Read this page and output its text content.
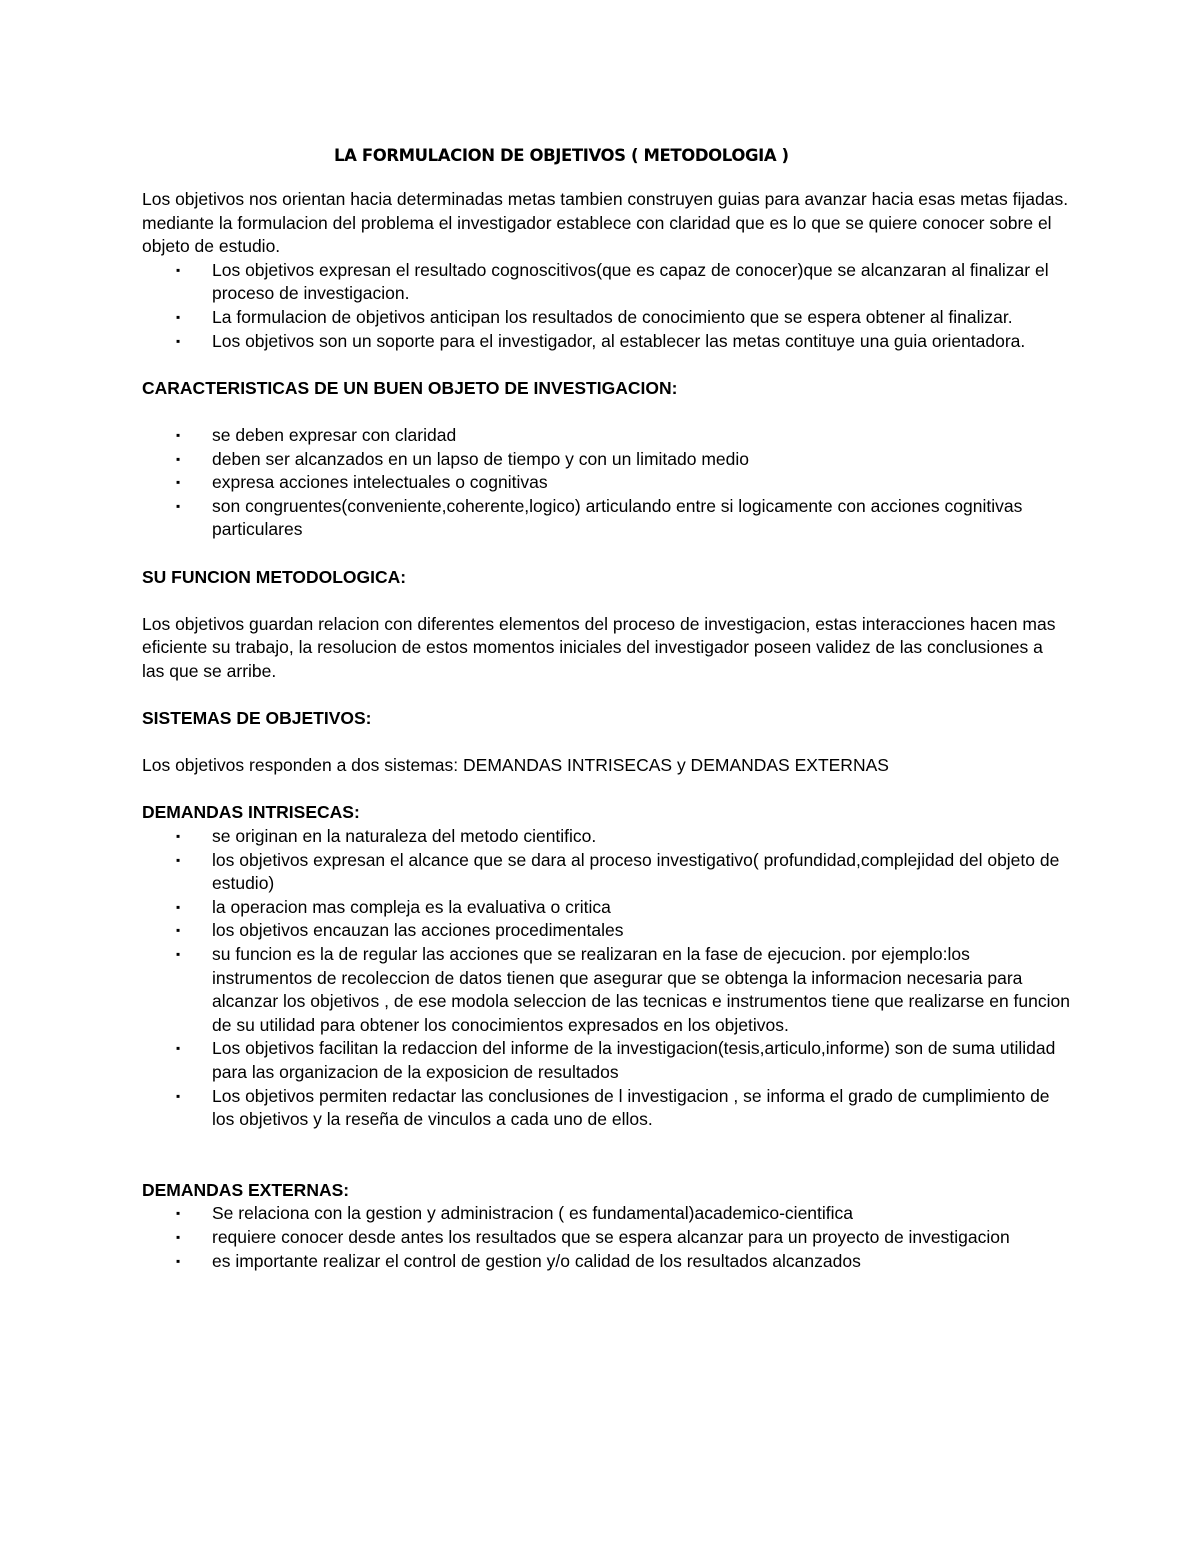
LA FORMULACION DE OBJETIVOS ( METODOLOGIA )

Los objetivos nos orientan hacia determinadas metas tambien construyen guias para avanzar hacia esas metas fijadas.

mediante la formulacion del problema el investigador establece con claridad que es lo que se quiere conocer sobre el objeto de estudio.

▪ Los objetivos expresan el resultado cognoscitivos(que es capaz de conocer)que se alcanzaran al finalizar el proceso de investigacion.
▪ La formulacion de objetivos anticipan los resultados de conocimiento que se espera obtener al finalizar.
▪ Los objetivos son un soporte para el investigador, al establecer las metas contituye una guia orientadora.

CARACTERISTICAS DE UN BUEN OBJETO DE INVESTIGACION:

▪ se deben expresar con claridad
▪ deben ser alcanzados en un lapso de tiempo y con un limitado medio
▪ expresa acciones intelectuales o cognitivas
▪ son congruentes(conveniente,coherente,logico) articulando entre si logicamente con acciones cognitivas particulares

SU FUNCION METODOLOGICA:

Los objetivos guardan relacion con diferentes elementos del proceso de investigacion, estas interacciones hacen mas eficiente su trabajo, la resolucion de estos momentos iniciales del investigador poseen validez de las conclusiones a las que se arribe.

SISTEMAS DE OBJETIVOS:

Los objetivos responden a dos sistemas: DEMANDAS INTRISECAS y DEMANDAS EXTERNAS

DEMANDAS INTRISECAS:

▪ se originan en la naturaleza del metodo cientifico.
▪ los objetivos expresan el alcance que se dara al proceso investigativo( profundidad,complejidad del objeto de estudio)
▪ la operacion mas compleja es la evaluativa o critica
▪ los objetivos encauzan las acciones procedimentales
▪ su funcion es la de regular las acciones que se realizaran en la fase de ejecucion. por ejemplo:los instrumentos de recoleccion de datos tienen que asegurar que se obtenga la informacion necesaria para alcanzar los objetivos , de ese modola seleccion de las tecnicas e instrumentos tiene que realizarse en funcion de su utilidad para obtener los conocimientos expresados en los objetivos.
▪ Los objetivos facilitan la redaccion del informe de la investigacion(tesis,articulo,informe) son de suma utilidad para las organizacion de la exposicion de resultados
▪ Los objetivos permiten redactar las conclusiones de l investigacion , se informa el grado de cumplimiento de los objetivos y la reseña de vinculos a cada uno de ellos.

DEMANDAS EXTERNAS:

▪ Se relaciona con la gestion y administracion ( es fundamental)academico-cientifica
▪ requiere conocer desde antes los resultados que se espera alcanzar para un proyecto de investigacion
▪ es importante realizar el control de gestion y/o calidad de los resultados alcanzados
